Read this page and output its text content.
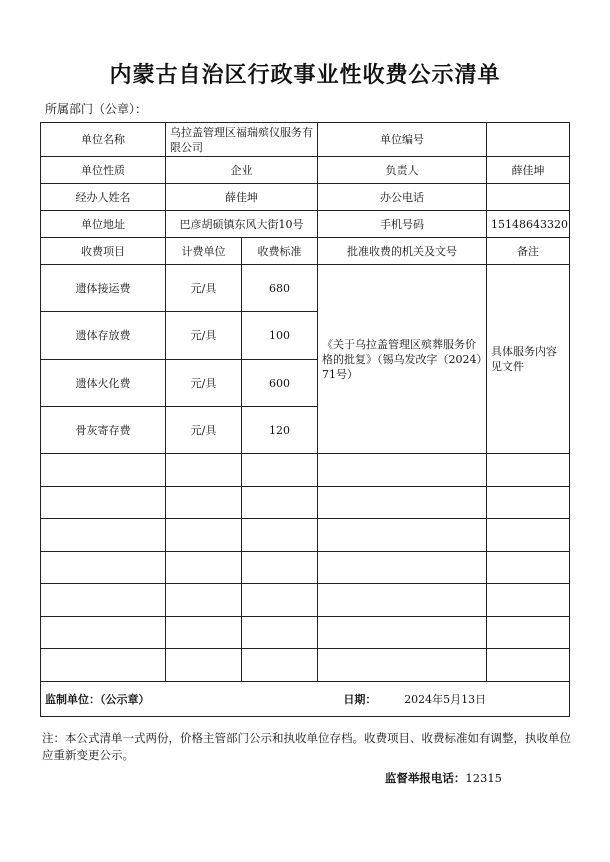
内蒙古自治区行政事业性收费公示清单
所属部门（公章）：
单位名称	乌拉盖管理区福瑞殡仪服务有限公司		单位编号	
单位性质	企业		负责人	薛佳坤
经办人姓名	薛佳坤		办公电话	
单位地址	巴彦胡硕镇东风大街10号		手机号码	15148643320
收费项目	计费单位	收费标准	批准收费的机关及文号	备注
遗体接运费	元/具	680	《关于乌拉盖管理区殡葬服务价格的批复》（锡乌发改字（2024）71号）	具体服务内容见文件
遗体存放费	元/具	100		
遗体火化费	元/具	600		
骨灰寄存费	元/具	120		

监制单位：（公示章） 日期： 2024年5月13日				
注：本公式清单一式两份，价格主管部门公示和执收单位存档。收费项目、收费标准如有调整，执收单位应重新变更公示。
监督举报电话：12315
